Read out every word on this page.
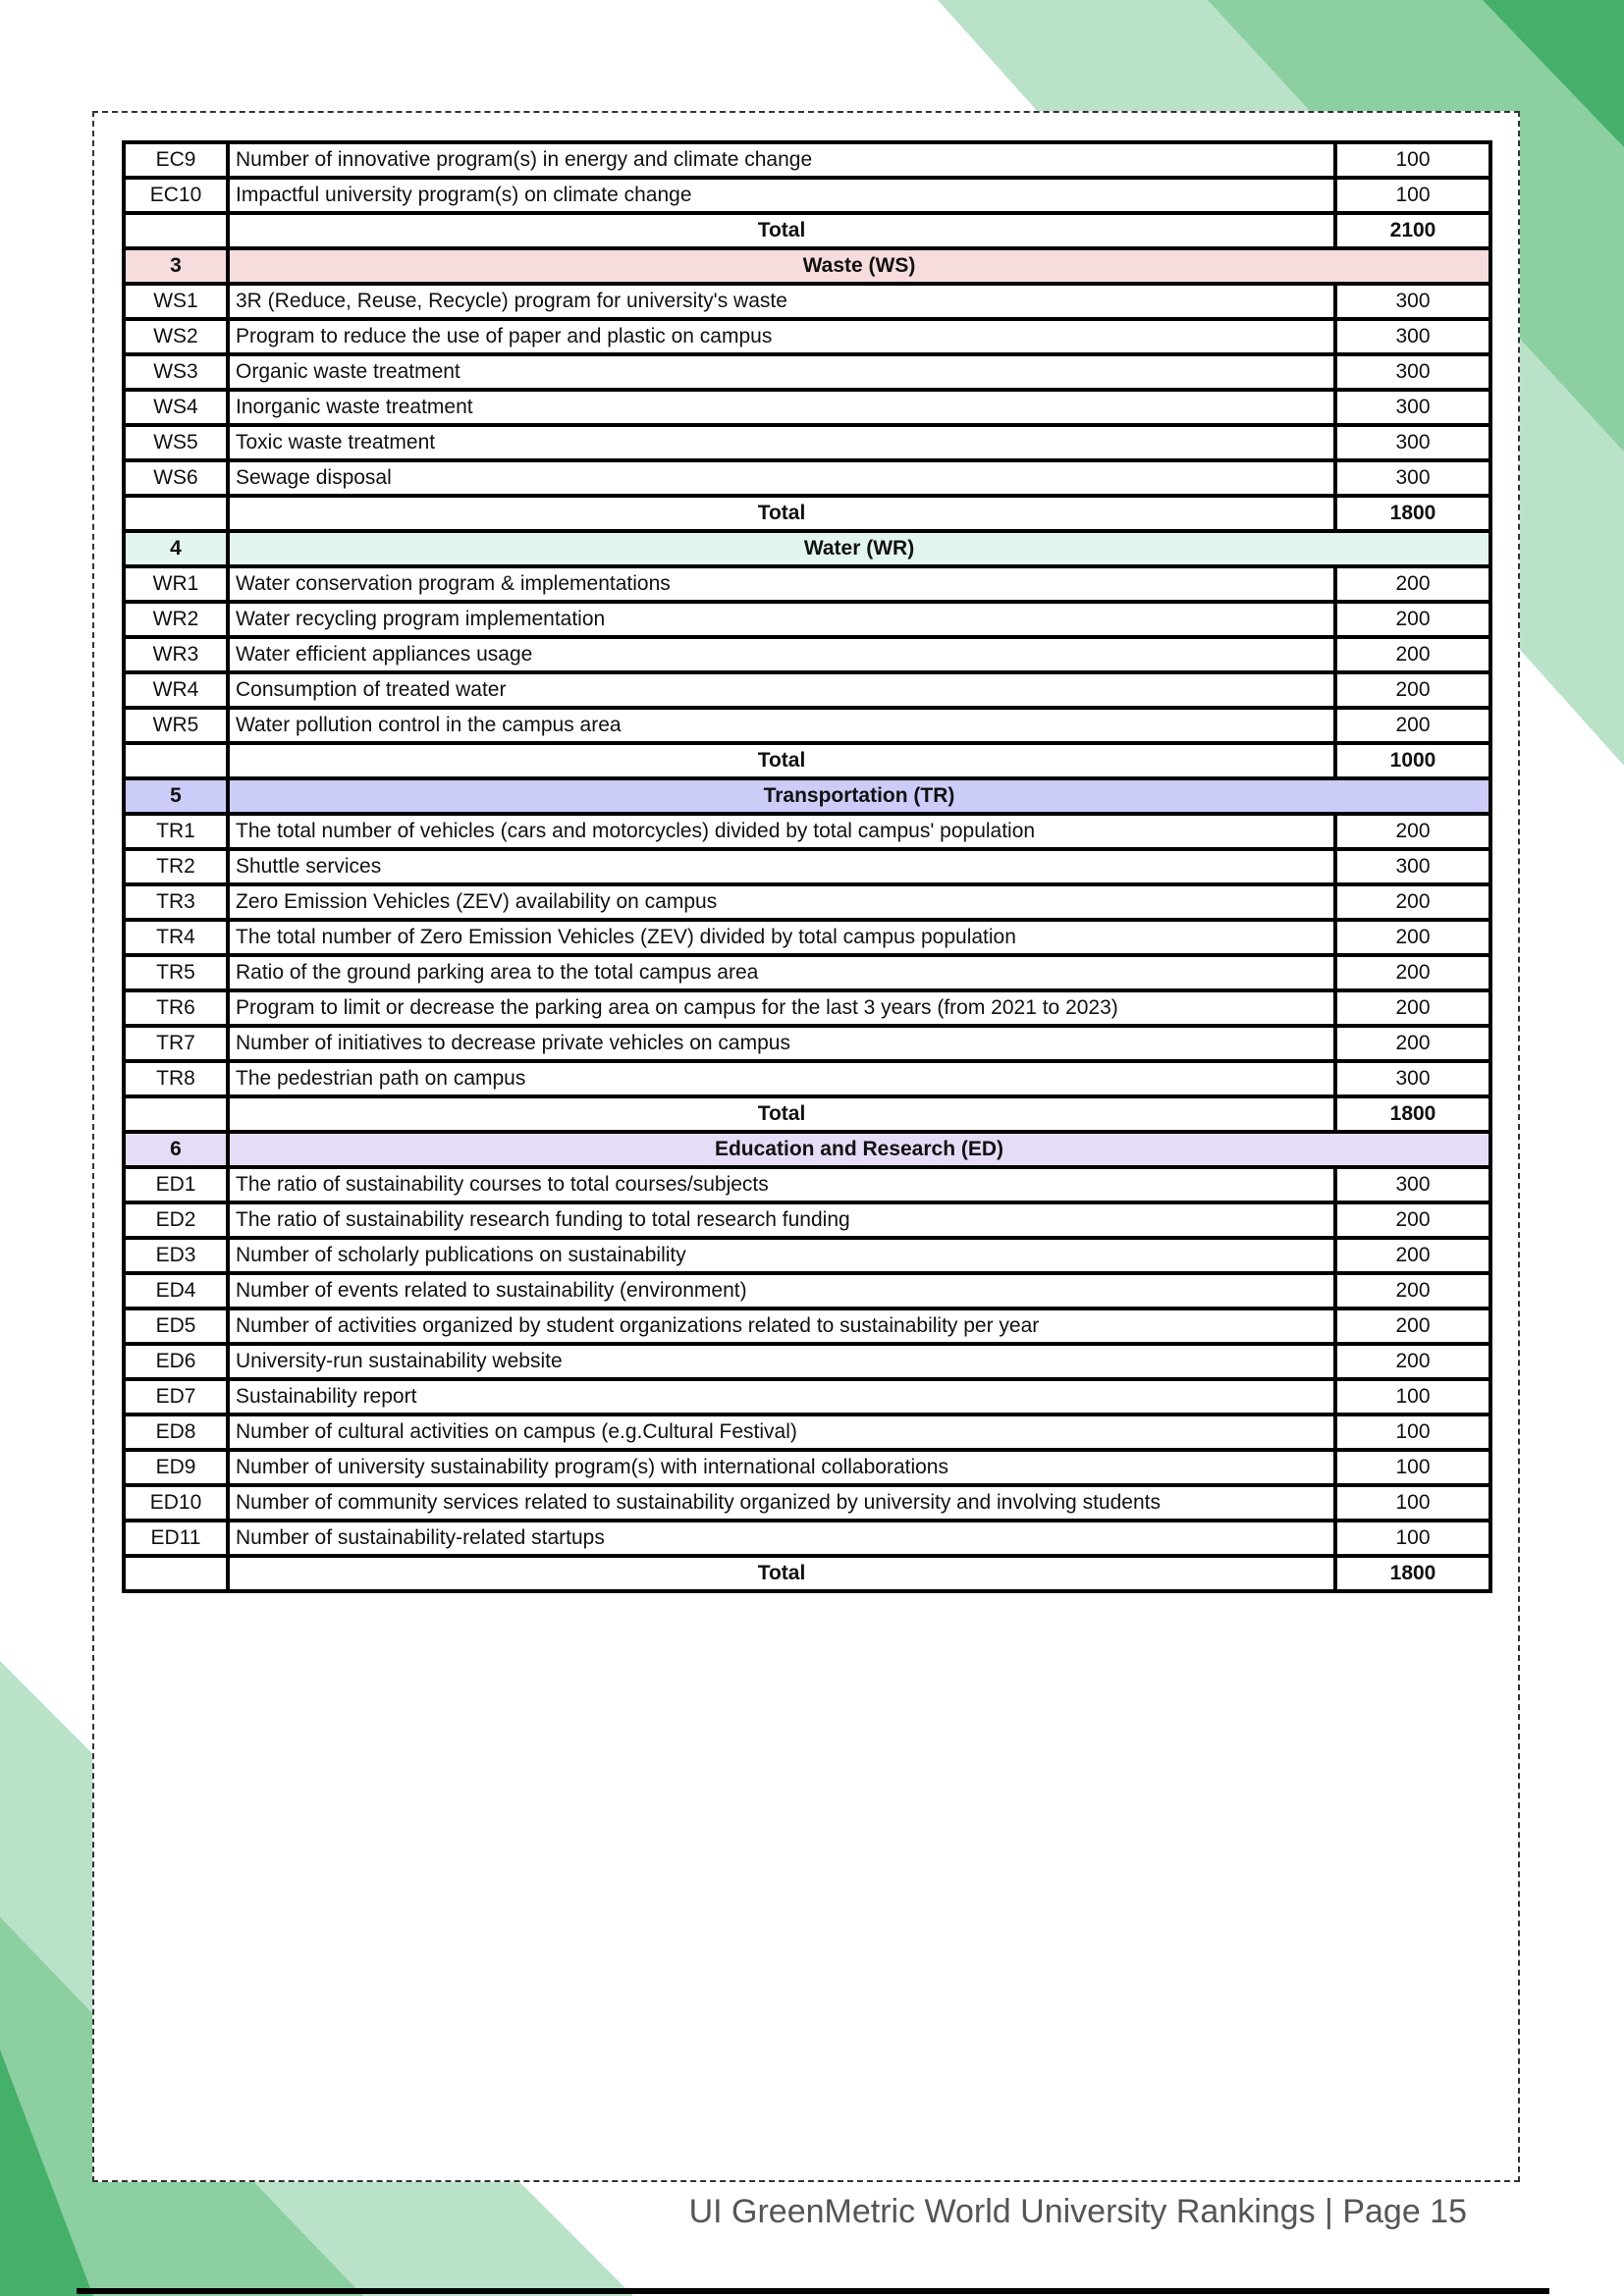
EC9	Number of innovative program(s) in energy and climate change	100
EC10	Impactful university program(s) on climate change	100
	Total	2100
3	Waste (WS)	
WS1	3R (Reduce, Reuse, Recycle) program for university's waste	300
WS2	Program to reduce the use of paper and plastic on campus	300
WS3	Organic waste treatment	300
WS4	Inorganic waste treatment	300
WS5	Toxic waste treatment	300
WS6	Sewage disposal	300
	Total	1800
4	Water (WR)	
WR1	Water conservation program & implementations	200
WR2	Water recycling program implementation	200
WR3	Water efficient appliances usage	200
WR4	Consumption of treated water	200
WR5	Water pollution control in the campus area	200
	Total	1000
5	Transportation (TR)	
TR1	The total number of vehicles (cars and motorcycles) divided by total campus' population	200
TR2	Shuttle services	300
TR3	Zero Emission Vehicles (ZEV) availability on campus	200
TR4	The total number of Zero Emission Vehicles (ZEV) divided by total campus population	200
TR5	Ratio of the ground parking area to the total campus area	200
TR6	Program to limit or decrease the parking area on campus for the last 3 years (from 2021 to 2023)	200
TR7	Number of initiatives to decrease private vehicles on campus	200
TR8	The pedestrian path on campus	300
	Total	1800
6	Education and Research (ED)	
ED1	The ratio of sustainability courses to total courses/subjects	300
ED2	The ratio of sustainability research funding to total research funding	200
ED3	Number of scholarly publications on sustainability	200
ED4	Number of events related to sustainability (environment)	200
ED5	Number of activities organized by student organizations related to sustainability per year	200
ED6	University-run sustainability website	200
ED7	Sustainability report	100
ED8	Number of cultural activities on campus (e.g.Cultural Festival)	100
ED9	Number of university sustainability program(s) with international collaborations	100
ED10	Number of community services related to sustainability organized by university and involving students	100
ED11	Number of sustainability-related startups	100
	Total	1800
UI GreenMetric World University Rankings | Page 15
